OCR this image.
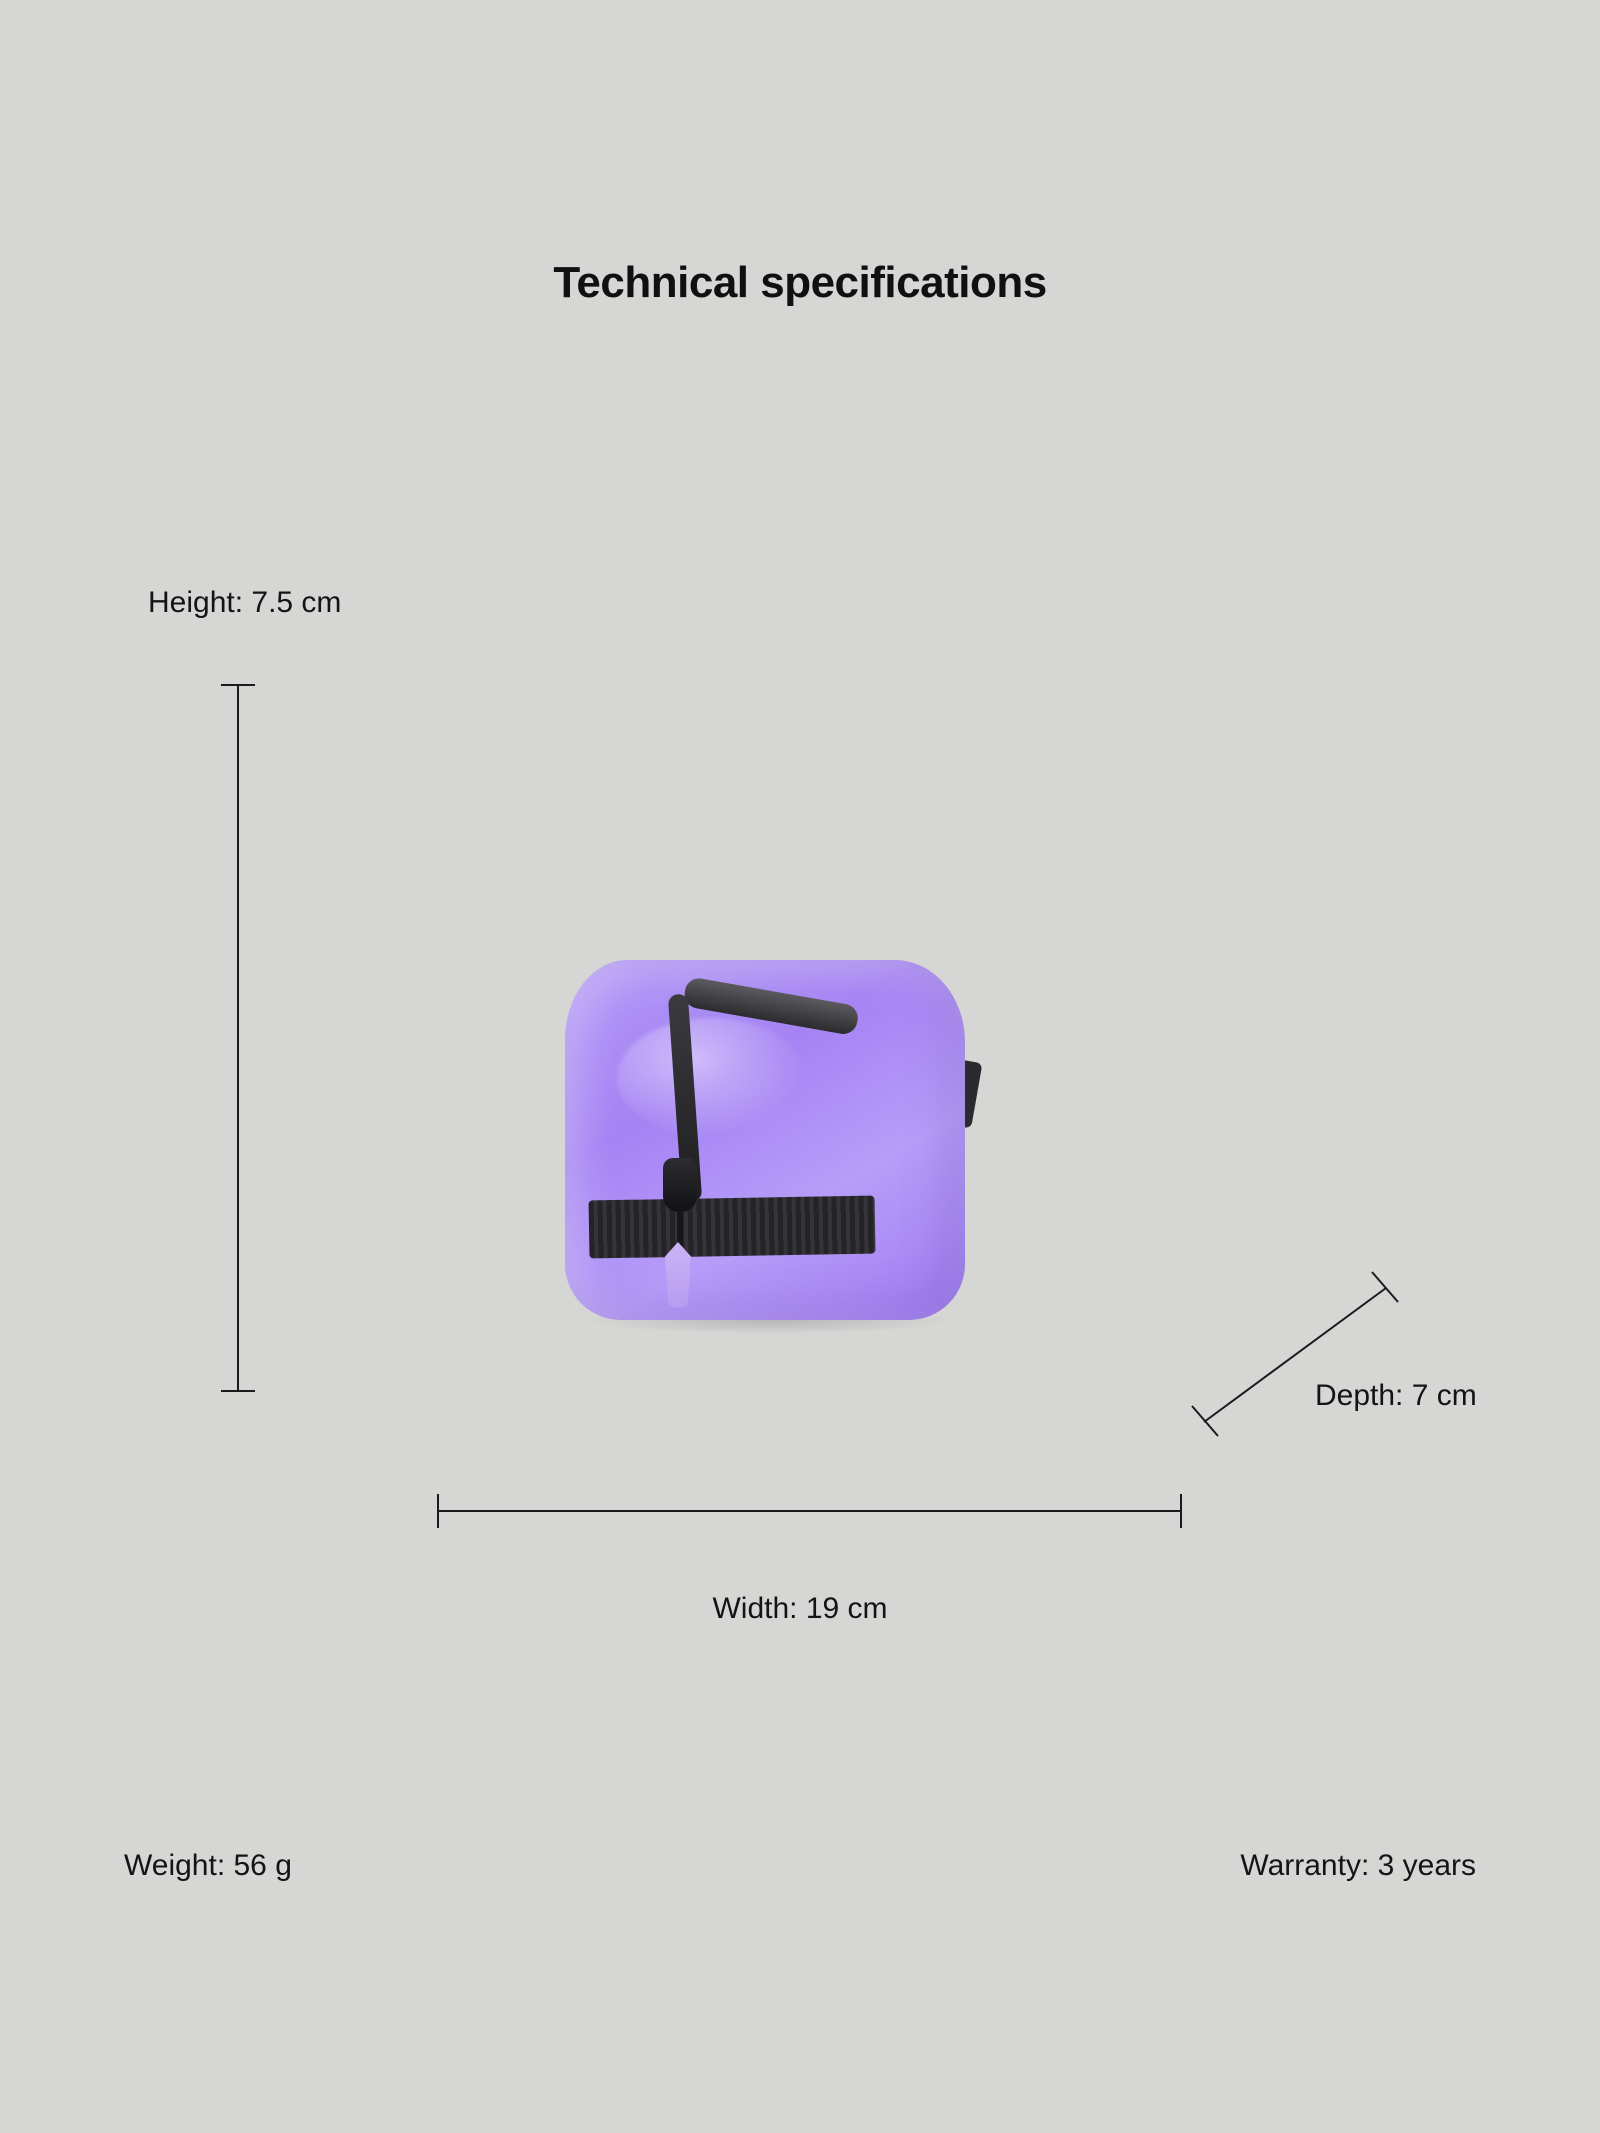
Technical specifications
Height: 7.5 cm
Width: 19 cm
Depth: 7 cm
Weight: 56 g	Warranty: 3 years
